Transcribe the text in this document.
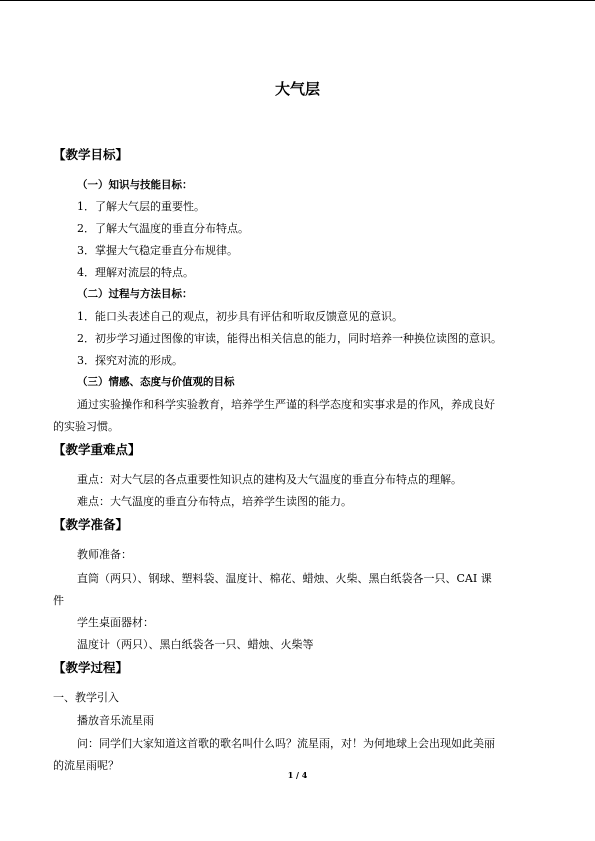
大气层
【教学目标】
（一）知识与技能目标：
1．了解大气层的重要性。
2．了解大气温度的垂直分布特点。
3．掌握大气稳定垂直分布规律。
4．理解对流层的特点。
（二）过程与方法目标：
1．能口头表述自己的观点，初步具有评估和听取反馈意见的意识。
2．初步学习通过图像的审读，能得出相关信息的能力，同时培养一种换位读图的意识。
3．探究对流的形成。
（三）情感、态度与价值观的目标
通过实验操作和科学实验教育，培养学生严谨的科学态度和实事求是的作风，养成良好
的实验习惯。
【教学重难点】
重点：对大气层的各点重要性知识点的建构及大气温度的垂直分布特点的理解。
难点：大气温度的垂直分布特点，培养学生读图的能力。
【教学准备】
教师准备：
直筒（两只）、钢球、塑料袋、温度计、棉花、蜡烛、火柴、黑白纸袋各一只、CAI 课
件
学生桌面器材：
温度计（两只）、黑白纸袋各一只、蜡烛、火柴等
【教学过程】
一、教学引入
播放音乐流星雨
问：同学们大家知道这首歌的歌名叫什么吗？流星雨，对！为何地球上会出现如此美丽
的流星雨呢？
1 / 4
